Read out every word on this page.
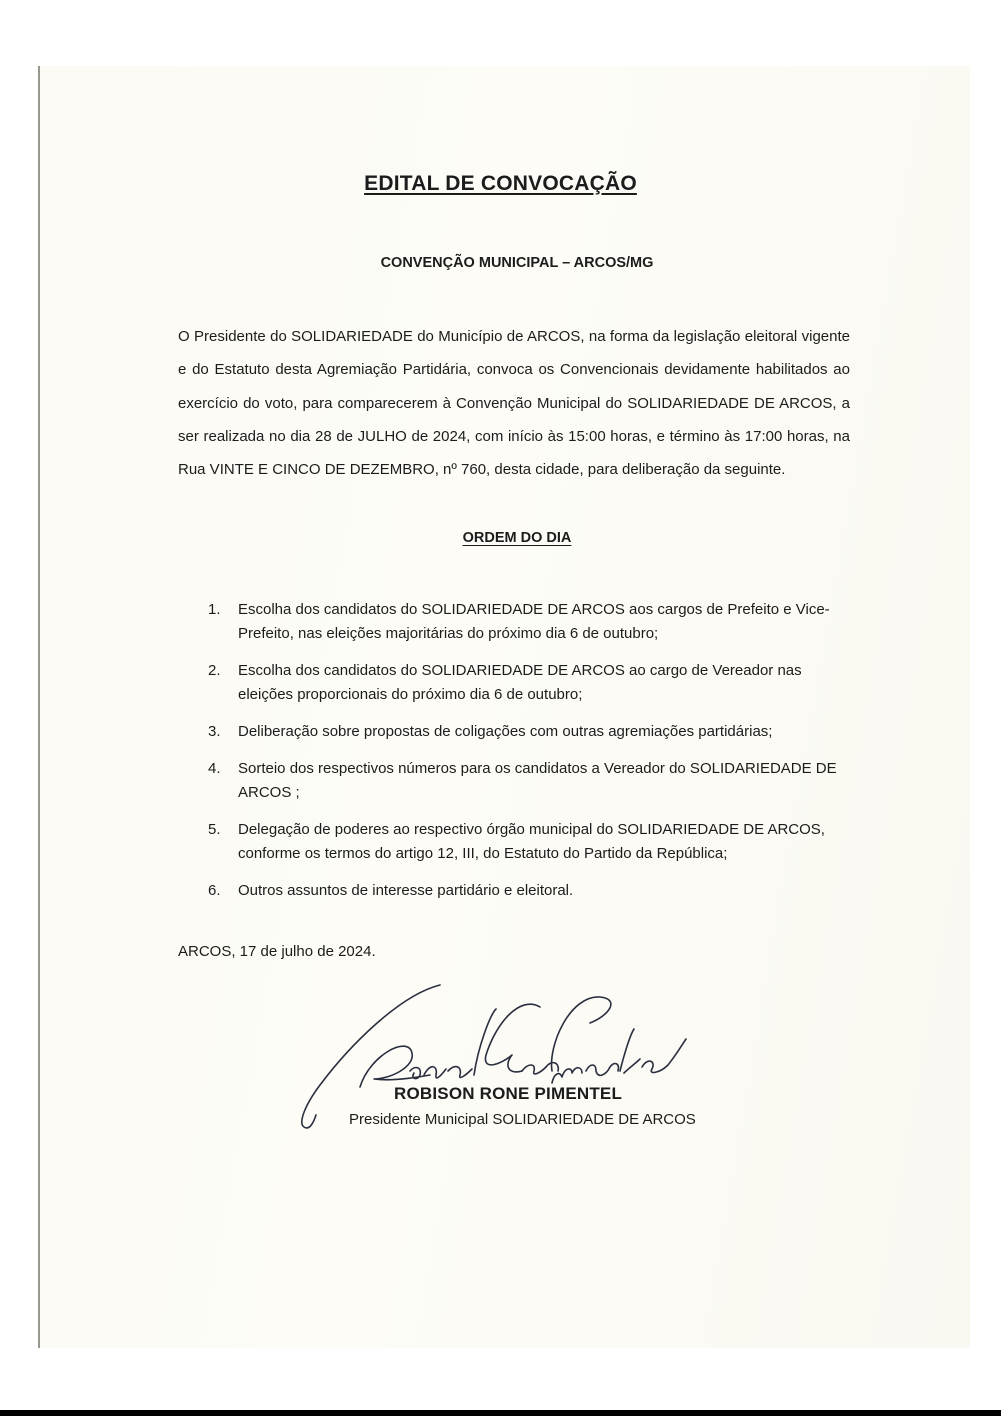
EDITAL DE CONVOCAÇÃO
CONVENÇÃO MUNICIPAL – ARCOS/MG

O Presidente do SOLIDARIEDADE do Município de ARCOS, na forma da legislação eleitoral vigente e do Estatuto desta Agremiação Partidária, convoca os Convencionais devidamente habilitados ao exercício do voto, para comparecerem à Convenção Municipal do SOLIDARIEDADE DE ARCOS, a ser realizada no dia 28 de JULHO de 2024, com início às 15:00 horas, e término às 17:00 horas, na Rua VINTE E CINCO DE DEZEMBRO, nº 760, desta cidade, para deliberação da seguinte.

ORDEM DO DIA
1. Escolha dos candidatos do SOLIDARIEDADE DE ARCOS aos cargos de Prefeito e Vice-Prefeito, nas eleições majoritárias do próximo dia 6 de outubro;
2. Escolha dos candidatos do SOLIDARIEDADE DE ARCOS ao cargo de Vereador nas eleições proporcionais do próximo dia 6 de outubro;
3. Deliberação sobre propostas de coligações com outras agremiações partidárias;
4. Sorteio dos respectivos números para os candidatos a Vereador do SOLIDARIEDADE DE ARCOS ;
5. Delegação de poderes ao respectivo órgão municipal do SOLIDARIEDADE DE ARCOS, conforme os termos do artigo 12, III, do Estatuto do Partido da República;
6. Outros assuntos de interesse partidário e eleitoral.
ARCOS, 17 de julho de 2024.
Robison Rone Pimentel
ROBISON RONE PIMENTEL
Presidente Municipal SOLIDARIEDADE DE ARCOS
